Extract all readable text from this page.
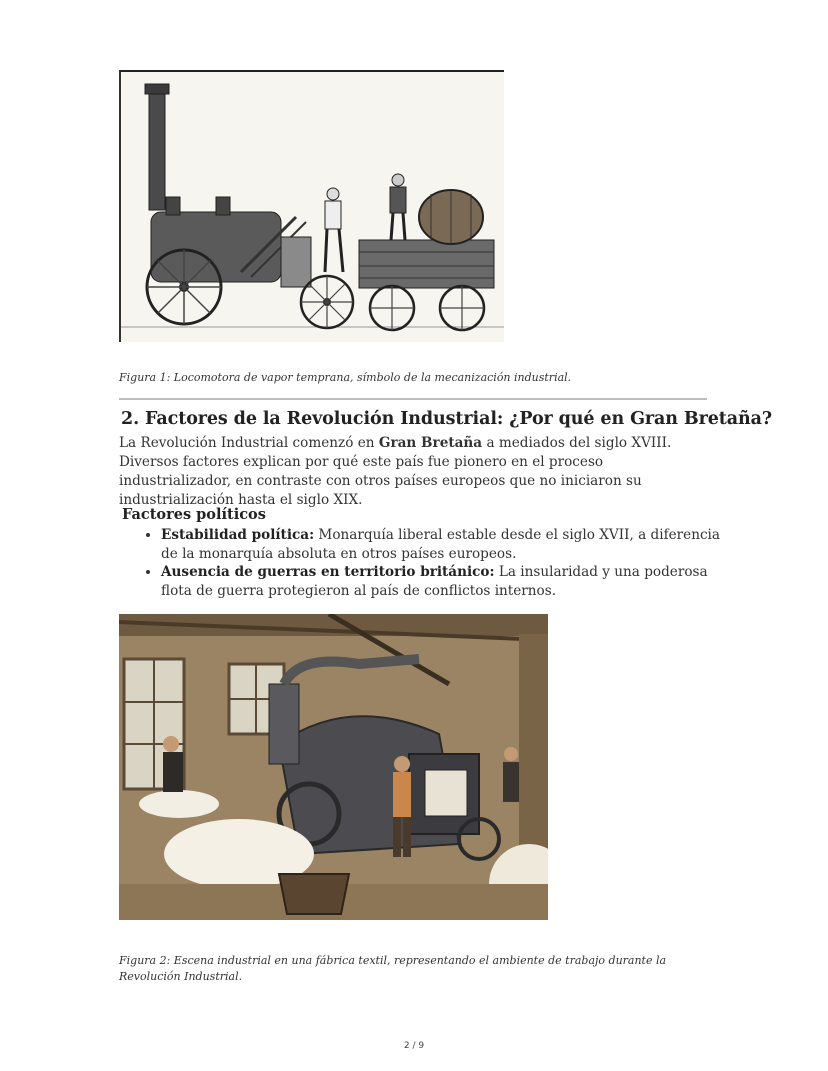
Figura 1: Locomotora de vapor temprana, símbolo de la mecanización industrial.
2. Factores de la Revolución Industrial: ¿Por qué en Gran Bretaña?

La Revolución Industrial comenzó en Gran Bretaña a mediados del siglo XVIII. Diversos factores explican por qué este país fue pionero en el proceso industrializador, en contraste con otros países europeos que no iniciaron su industrialización hasta el siglo XIX.

Factores políticos
• Estabilidad política: Monarquía liberal estable desde el siglo XVII, a diferencia de la monarquía absoluta en otros países europeos.
• Ausencia de guerras en territorio británico: La insularidad y una poderosa flota de guerra protegieron al país de conflictos internos.
Figura 2: Escena industrial en una fábrica textil, representando el ambiente de trabajo durante la Revolución Industrial.
2 / 9
